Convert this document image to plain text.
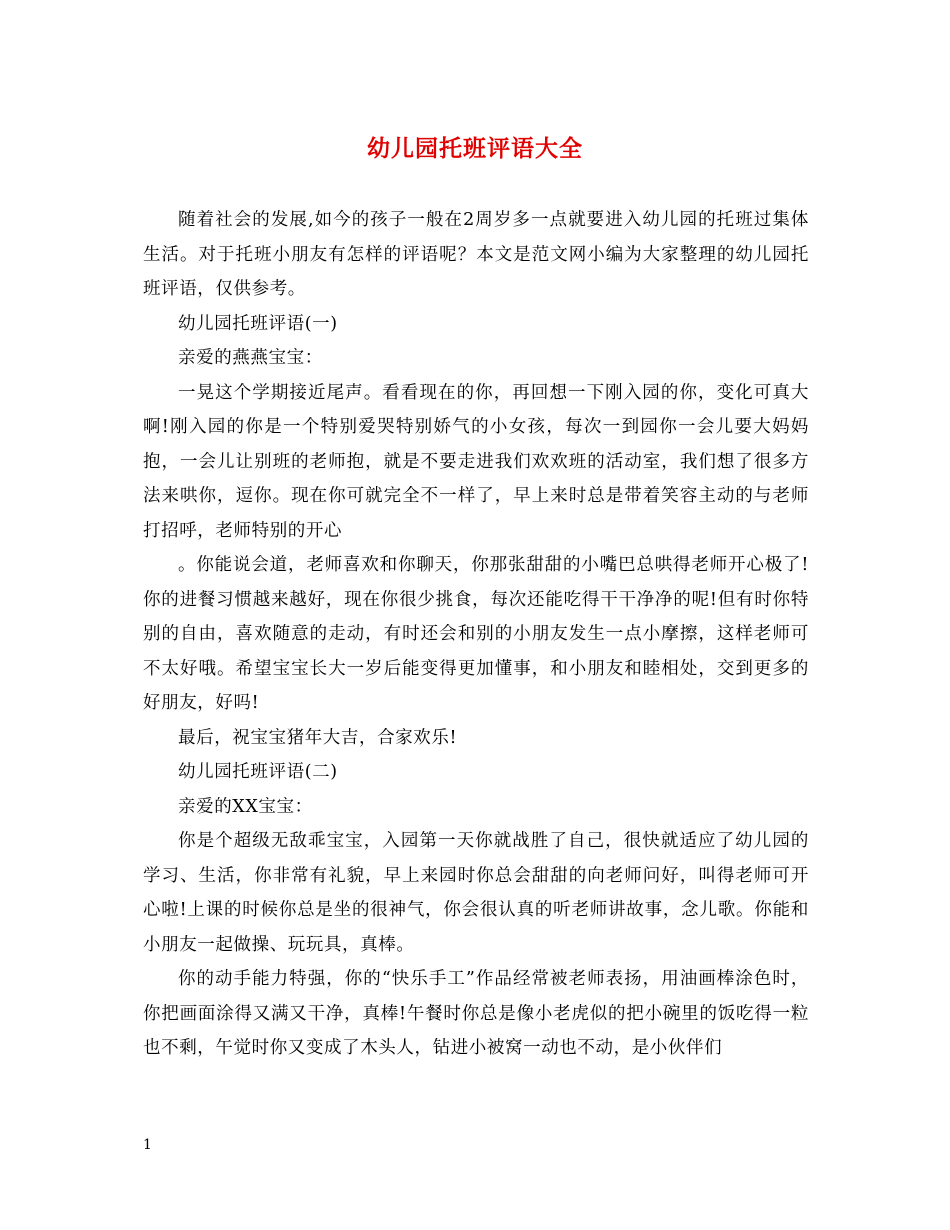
幼儿园托班评语大全

随着社会的发展,如今的孩子一般在2周岁多一点就要进入幼儿园的托班过集体生活。对于托班小朋友有怎样的评语呢？本文是范文网小编为大家整理的幼儿园托班评语，仅供参考。

幼儿园托班评语(一)

亲爱的燕燕宝宝：

一晃这个学期接近尾声。看看现在的你，再回想一下刚入园的你，变化可真大啊!刚入园的你是一个特别爱哭特别娇气的小女孩，每次一到园你一会儿要大妈妈抱，一会儿让别班的老师抱，就是不要走进我们欢欢班的活动室，我们想了很多方法来哄你，逗你。现在你可就完全不一样了，早上来时总是带着笑容主动的与老师打招呼，老师特别的开心

。你能说会道，老师喜欢和你聊天，你那张甜甜的小嘴巴总哄得老师开心极了!你的进餐习惯越来越好，现在你很少挑食，每次还能吃得干干净净的呢!但有时你特别的自由，喜欢随意的走动，有时还会和别的小朋友发生一点小摩擦，这样老师可不太好哦。希望宝宝长大一岁后能变得更加懂事，和小朋友和睦相处，交到更多的好朋友，好吗!

最后，祝宝宝猪年大吉，合家欢乐!

幼儿园托班评语(二)

亲爱的XX宝宝：

你是个超级无敌乖宝宝，入园第一天你就战胜了自己，很快就适应了幼儿园的学习、生活，你非常有礼貌，早上来园时你总会甜甜的向老师问好，叫得老师可开心啦!上课的时候你总是坐的很神气，你会很认真的听老师讲故事，念儿歌。你能和小朋友一起做操、玩玩具，真棒。

你的动手能力特强，你的“快乐手工”作品经常被老师表扬，用油画棒涂色时，你把画面涂得又满又干净，真棒!午餐时你总是像小老虎似的把小碗里的饭吃得一粒也不剩，午觉时你又变成了木头人，钻进小被窝一动也不动，是小伙伴们

1
